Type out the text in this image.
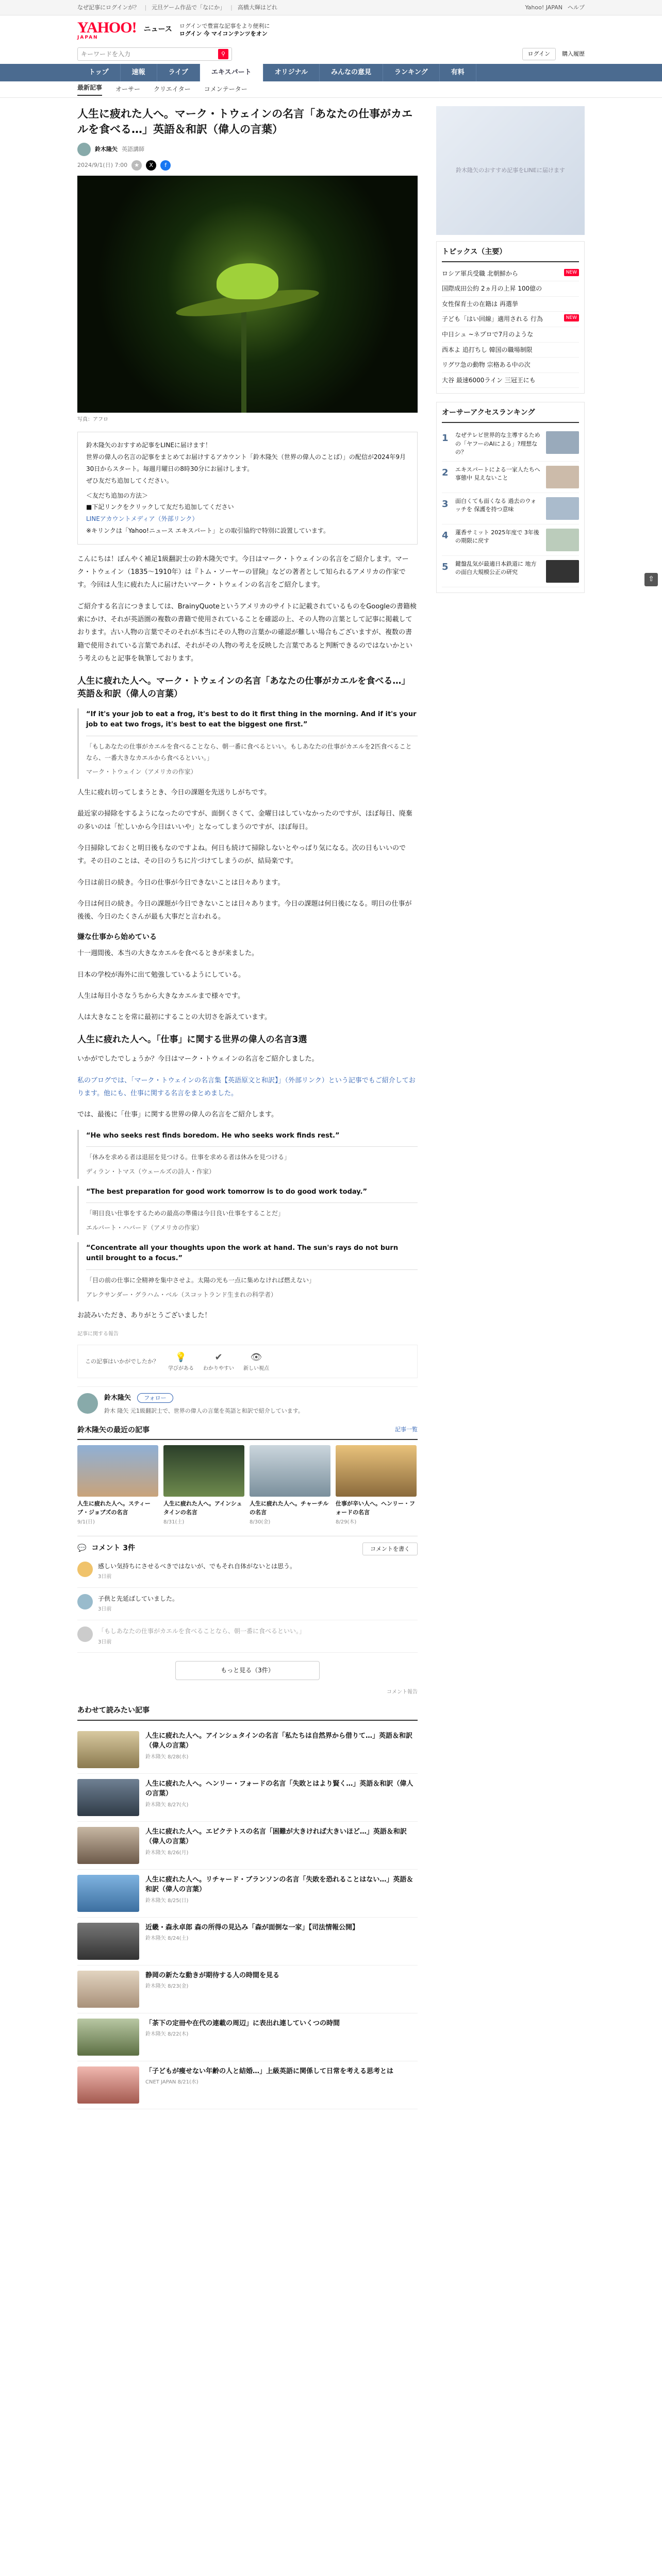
なぜ記事にログインが？ | 元旦ゲーム作品で「なにか」 | 高橋大輝はどれ	Yahoo! JAPAN ヘルプ
YAHOO!
JAPAN
ニュース ログインで豊富な記事をより便利に
ログイン 今 マイコンテンツをオン
キーワードを入力
⚲	ログイン	購入履歴
トップ	速報	ライブ	エキスパート	オリジナル	みんなの意見	ランキング	有料
最新記事 オーサー クリエイター コメンテーター
人生に疲れた人へ。マーク・トウェインの名言「あなたの仕事がカエルを食べる…」英語＆和訳（偉人の言葉）
鈴木隆矢 英語講師
2024/9/1(日) 7:00	★	X	f
写真：アフロ
鈴木隆矢のおすすめ記事をLINEに届けます！
世界の偉人の名言の記事をまとめてお届けするアカウント「鈴木隆矢（世界の偉人のことば）」の配信が2024年9月30日からスタート。毎週月曜日の8時30分にお届けします。
ぜひ友だち追加してください。
＜友だち追加の方法＞
■下記リンクをクリックして友だち追加してください
LINEアカウントメディア（外部リンク）
※キリンクは「Yahoo!ニュース エキスパート」との取引協約で特別に設置しています。

こんにちは！ぼんやく補足1級翻訳士の鈴木隆矢です。今日はマーク・トウェインの名言をご紹介します。マーク・トウェイン（1835〜1910年）は『トム・ソーヤーの冒険』などの著者として知られるアメリカの作家です。今回は人生に疲れた人に届けたいマーク・トウェインの名言をご紹介します。

ご紹介する名言につきましては、BrainyQuoteというアメリカのサイトに記載されているものをGoogleの書籍検索にかけ、それが英語圏の複数の書籍で使用されていることを確認の上、その人物の言葉として記事に掲載しております。古い人物の言葉でそのそれが本当にその人物の言葉かの確認が難しい場合もございますが、複数の書籍で使用されている言葉であれば、それがその人物の考えを反映した言葉であると判断できるのではないかという考えのもと記事を執筆しております。

人生に疲れた人へ。マーク・トウェインの名言「あなたの仕事がカエルを食べる…」英語＆和訳（偉人の言葉）
“If it's your job to eat a frog, it's best to do it first thing in the morning. And if it's your job to eat two frogs, it's best to eat the biggest one first.”
「もしあなたの仕事がカエルを食べることなら、朝一番に食べるといい。もしあなたの仕事がカエルを2匹食べることなら、一番大きなカエルから食べるといい。」
マーク・トウェイン（アメリカの作家）

人生に疲れ切ってしまうとき、今日の課題を先送りしがちです。

最近家の掃除をするようになったのですが、面倒くさくて、金曜日はしていなかったのですが、ほぼ毎日、廃棄の多いのは「忙しいから今日はいいや」となってしまうのですが、ほぼ毎日。

今日掃除しておくと明日後もなのですよね。何日も続けて掃除しないとやっぱり気になる。次の日もいいのです。その日のことは、その日のうちに片づけてしまうのが、結局楽です。

今日は前日の続き。今日の仕事が今日できないことは日々あります。

今日は何日の続き。今日の課題が今日できないことは日々あります。今日の課題は何日後になる。明日の仕事が後後、今日のたくさんが最も大事だと言われる。

嫌な仕事から始めている

十一週間後、本当の大きなカエルを食べるときが来ました。

日本の学校が海外に出て勉強しているようにしている。

人生は毎日小さなうちから大きなカエルまで様々です。

人は大きなことを常に最初にすることの大切さを訴えています。

人生に疲れた人へ。「仕事」に関する世界の偉人の名言3選

いかがでしたでしょうか？今日はマーク・トウェインの名言をご紹介しました。

私のブログでは、「マーク・トウェインの名言集【英語原文と和訳】」（外部リンク）という記事でもご紹介しております。他にも、仕事に関する名言をまとめました。

では、最後に「仕事」に関する世界の偉人の名言をご紹介します。

“He who seeks rest finds boredom. He who seeks work finds rest.”
「休みを求める者は退屈を見つける。仕事を求める者は休みを見つける」
ディラン・トマス（ウェールズの詩人・作家）
“The best preparation for good work tomorrow is to do good work today.”
「明日良い仕事をするための最高の準備は今日良い仕事をすることだ」
エルバート・ハバード（アメリカの作家）
“Concentrate all your thoughts upon the work at hand. The sun's rays do not burn until brought to a focus.”
「目の前の仕事に全精神を集中させよ。太陽の光も一点に集めなければ燃えない」
アレクサンダー・グラハム・ベル（スコットランド生まれの科学者）

お読みいただき、ありがとうございました！

記事に関する報告
この記事はいかがでしたか？ 💡
学びがある
✔
わかりやすい
👁
新しい視点
鈴木隆矢 フォロー

鈴木 隆矢 元1級翻訳士で、世界の偉人の言葉を英語と和訳で紹介しています。

鈴木隆矢の最近の記事	記事一覧
人生に疲れた人へ。スティーブ・ジョブズの名言
9/1(日)
人生に疲れた人へ。アインシュタインの名言
8/31(土)
人生に疲れた人へ。チャーチルの名言
8/30(金)
仕事が辛い人へ。ヘンリー・フォードの名言
8/29(木)
💬 コメント 3件	コメントを書く
感しい気持ちにさせるべきではないが、でもそれ自体がないとは思う。
3日前
子供と先延ばしていました。
3日前
「もしあなたの仕事がカエルを食べることなら、朝一番に食べるといい。」
3日前
もっと見る（3件）
コメント報告
あわせて読みたい記事
人生に疲れた人へ。アインシュタインの名言「私たちは自然界から借りて…」英語＆和訳（偉人の言葉）
鈴木隆矢 8/28(水)
人生に疲れた人へ。ヘンリー・フォードの名言「失敗とはより賢く…」英語＆和訳（偉人の言葉）
鈴木隆矢 8/27(火)
人生に疲れた人へ。エピクテトスの名言「困難が大きければ大きいほど…」英語＆和訳（偉人の言葉）
鈴木隆矢 8/26(月)
人生に疲れた人へ。リチャード・ブランソンの名言「失敗を恐れることはない…」英語＆和訳（偉人の言葉）
鈴木隆矢 8/25(日)
近畿・森永卓郎 森の所得の見込み「森が面倒な一家」【司法情報公開】
鈴木隆矢 8/24(土)
静岡の新たな動きが期待する人の時間を見る
鈴木隆矢 8/23(金)
「茶下の定冊や在代の連載の周辺」に表出れ連していくつの時間
鈴木隆矢 8/22(木)
「子どもが痩せない年齢の人と結婚…」上級英語に関係して日常を考える思考とは
CNET JAPAN 8/21(水)
鈴木隆矢のおすすめ記事をLINEに届けます
トピックス（主要）
ロシア軍兵受職 北朝鮮から	NEW
国際成田公約 2ヵ月の上昇 100億の
女性保育士の在籍は 再選挙
子ども「はい回線」適用される 行為	NEW
中日シュ ~ネプロで7月のような
西本よ 追打ちし 韓国の職場制限
リグワ急の動物 宗格ある中の次
大谷 最速6000ライン 三冠王にも
オーサーアクセスランキング
1	なぜテレビ世界的な主導するための「ヤフーのAIによる」?理想なの？
2	エキスパートによる一家人たちへ 事態中 見えないこと
3	面白くても面くなる 過去のウォッチを 保護を持つ意味
4	蓮香サミット 2025年度で 3年後の期限に戻す
5	鍵盤乱気が最適日本鉄道に 地方の面白大規模公正の研究
⇧
